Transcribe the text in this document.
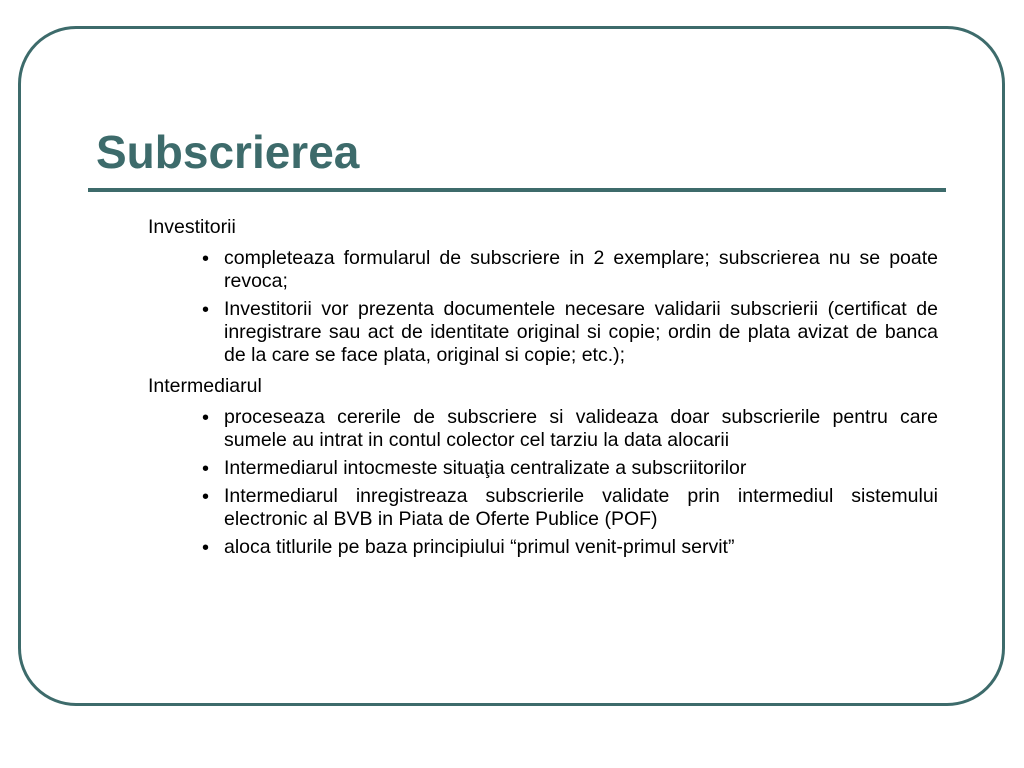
Subscrierea

Investitorii

• completeaza formularul de subscriere in 2 exemplare; subscrierea nu se poate revoca;
• Investitorii vor prezenta documentele necesare validarii subscrierii (certificat de inregistrare sau act de identitate original si copie; ordin de plata avizat de banca de la care se face plata, original si copie; etc.);

Intermediarul

• proceseaza cererile de subscriere si valideaza doar subscrierile pentru care sumele au intrat in contul colector cel tarziu la data alocarii
• Intermediarul intocmeste situaţia centralizate a subscriitorilor
• Intermediarul inregistreaza subscrierile validate prin intermediul sistemului electronic al BVB in Piata de Oferte Publice (POF)
• aloca titlurile pe baza principiului “primul venit-primul servit”
